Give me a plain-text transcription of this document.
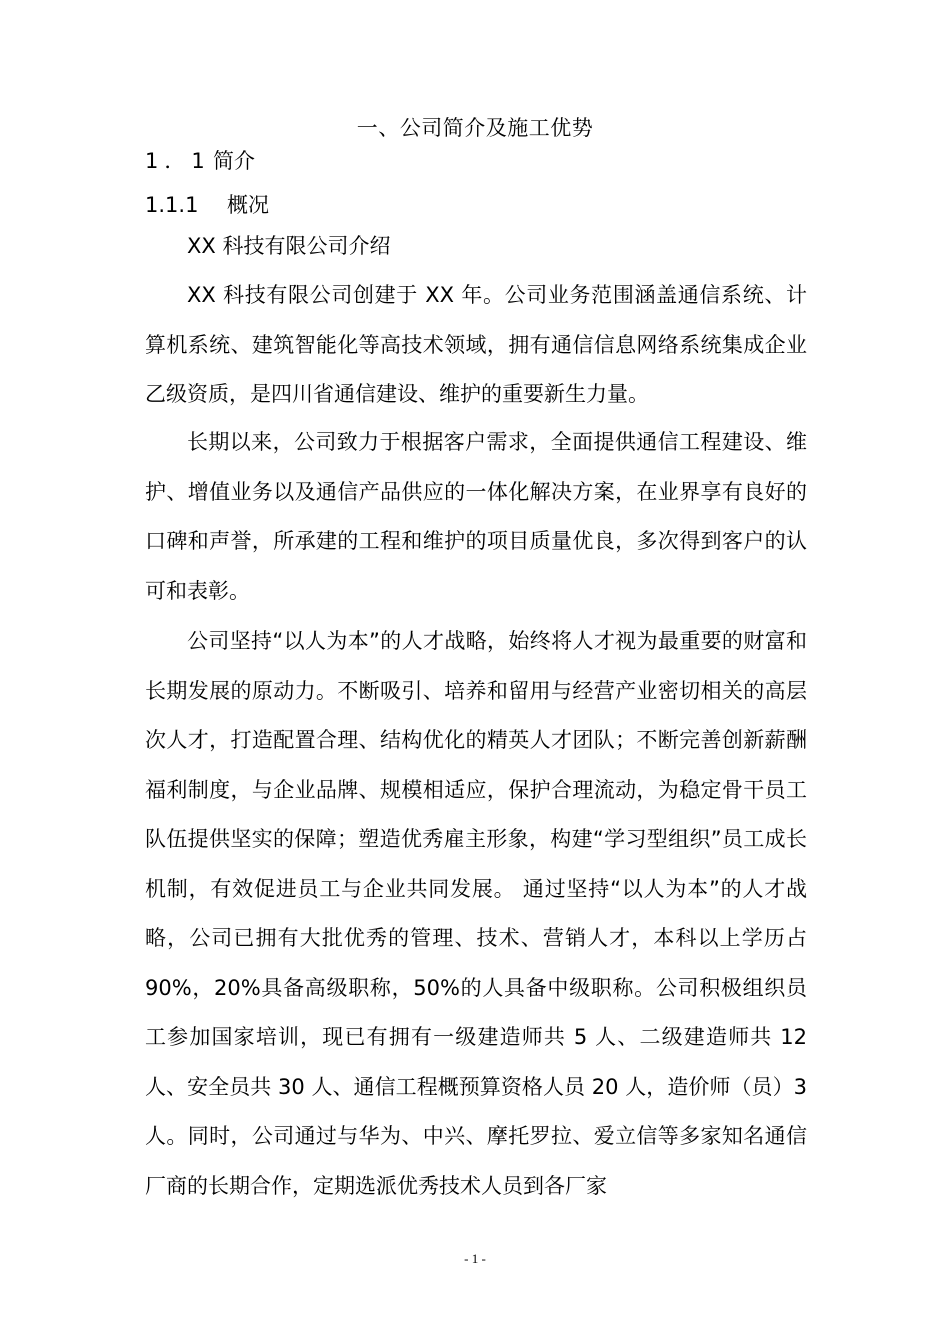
一、公司简介及施工优势
1．1 简介
1.1.1 概况

XX 科技有限公司介绍

XX 科技有限公司创建于 XX 年。公司业务范围涵盖通信系统、计算机系统、建筑智能化等高技术领域，拥有通信信息网络系统集成企业乙级资质，是四川省通信建设、维护的重要新生力量。

长期以来，公司致力于根据客户需求，全面提供通信工程建设、维护、增值业务以及通信产品供应的一体化解决方案，在业界享有良好的口碑和声誉，所承建的工程和维护的项目质量优良，多次得到客户的认可和表彰。

公司坚持“以人为本”的人才战略，始终将人才视为最重要的财富和长期发展的原动力。不断吸引、培养和留用与经营产业密切相关的高层次人才，打造配置合理、结构优化的精英人才团队；不断完善创新薪酬福利制度，与企业品牌、规模相适应，保护合理流动，为稳定骨干员工队伍提供坚实的保障；塑造优秀雇主形象，构建“学习型组织”员工成长机制，有效促进员工与企业共同发展。 通过坚持“以人为本”的人才战略，公司已拥有大批优秀的管理、技术、营销人才，本科以上学历占 90%，20%具备高级职称，50%的人具备中级职称。公司积极组织员工参加国家培训，现已有拥有一级建造师共 5 人、二级建造师共 12 人、安全员共 30 人、通信工程概预算资格人员 20 人，造价师（员）3 人。同时，公司通过与华为、中兴、摩托罗拉、爱立信等多家知名通信厂商的长期合作，定期选派优秀技术人员到各厂家

- 1 -
